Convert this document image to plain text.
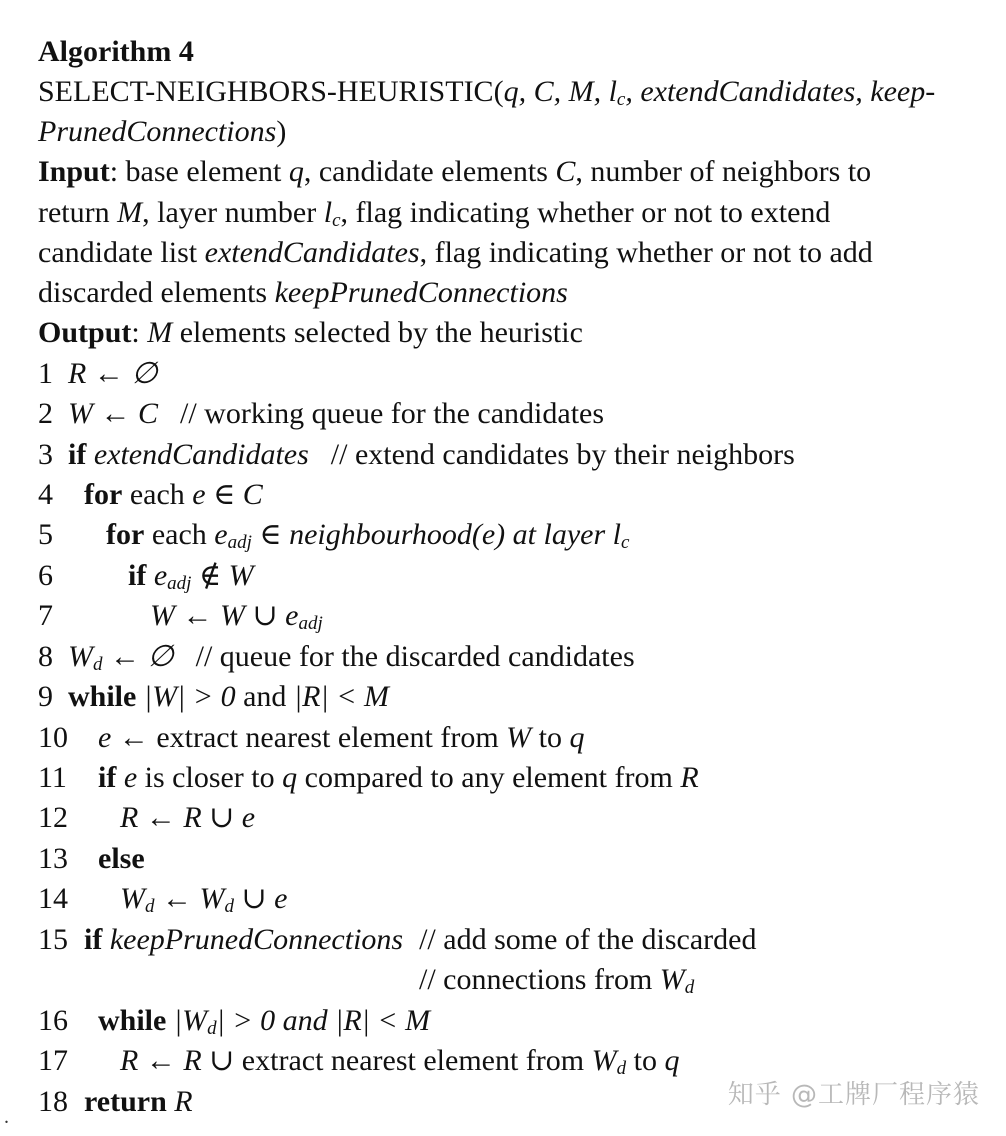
Algorithm 4
SELECT-NEIGHBORS-HEURISTIC(q, C, M, $l_c$, extendCandidates, keep-
PrunedConnections)
Input: base element q, candidate elements C, number of neighbors to
return M, layer number $l_c$, flag indicating whether or not to extend
candidate list extendCandidates, flag indicating whether or not to add
discarded elements keepPrunedConnections
Output: M elements selected by the heuristic
1 R ← ∅
2 W ← C // working queue for the candidates
3 if extendCandidates // extend candidates by their neighbors
4 for each e ∈ C
5 for each $e_{adj}$ ∈ neighbourhood(e) at layer $l_c$
6	if $e_{adj}$ ∉ W
7	W ← W ∪ $e_{adj}$
8 $W_d$ ← ∅ // queue for the discarded candidates
9 while |W| > 0 and |R| < M
10 e ← extract nearest element from W to q
11 if e is closer to q compared to any element from R
12 R ← R ∪ e
13 else
14 $W_d$ ← $W_d$ ∪ e
15 if keepPrunedConnections // add some of the discarded
// connections from $W_d$
16 while $|W_d| > 0$ and |R| < M
17 R ← R ∪ extract nearest element from $W_d$ to q
18 return R	知乎 @工牌厂程序猿
.
